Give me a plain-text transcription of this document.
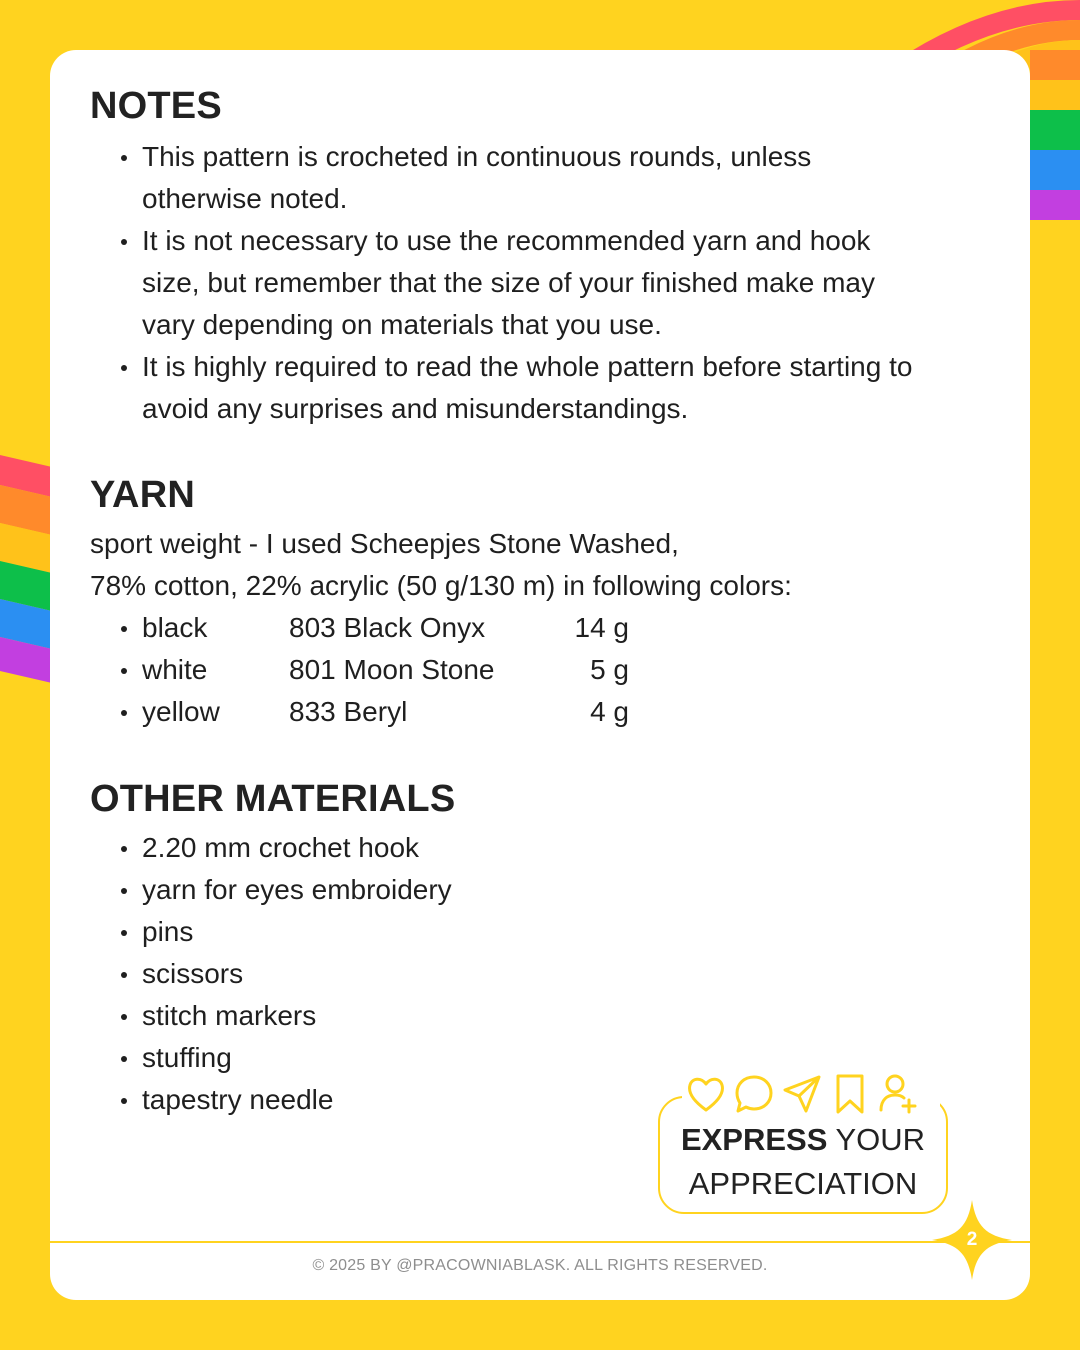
NOTES
This pattern is crocheted in continuous rounds, unless
otherwise noted.
It is not necessary to use the recommended yarn and hook
size, but remember that the size of your finished make may
vary depending on materials that you use.
It is highly required to read the whole pattern before starting to
avoid any surprises and misunderstandings.
YARN
sport weight - I used Scheepjes Stone Washed,
78% cotton, 22% acrylic (50 g/130 m) in following colors:
black	803 Black Onyx	14 g
white	801 Moon Stone	5 g
yellow 833 Beryl	4 g
OTHER MATERIALS
2.20 mm crochet hook
yarn for eyes embroidery
pins
scissors
stitch markers
stuffing
tapestry needle
EXPRESS YOUR
APPRECIATION
© 2025 BY @PRACOWNIABLASK. ALL RIGHTS RESERVED.
2
